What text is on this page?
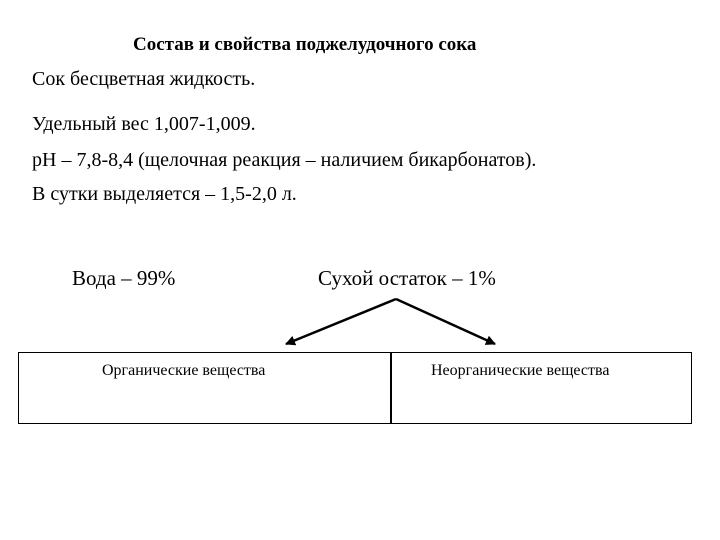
Состав и свойства поджелудочного сока
Сок бесцветная жидкость.
Удельный вес 1,007-1,009.
pH – 7,8-8,4 (щелочная реакция – наличием бикарбонатов).
В сутки выделяется – 1,5-2,0 л.
Вода – 99%	Сухой остаток – 1%
Органические вещества	Неорганические вещества
